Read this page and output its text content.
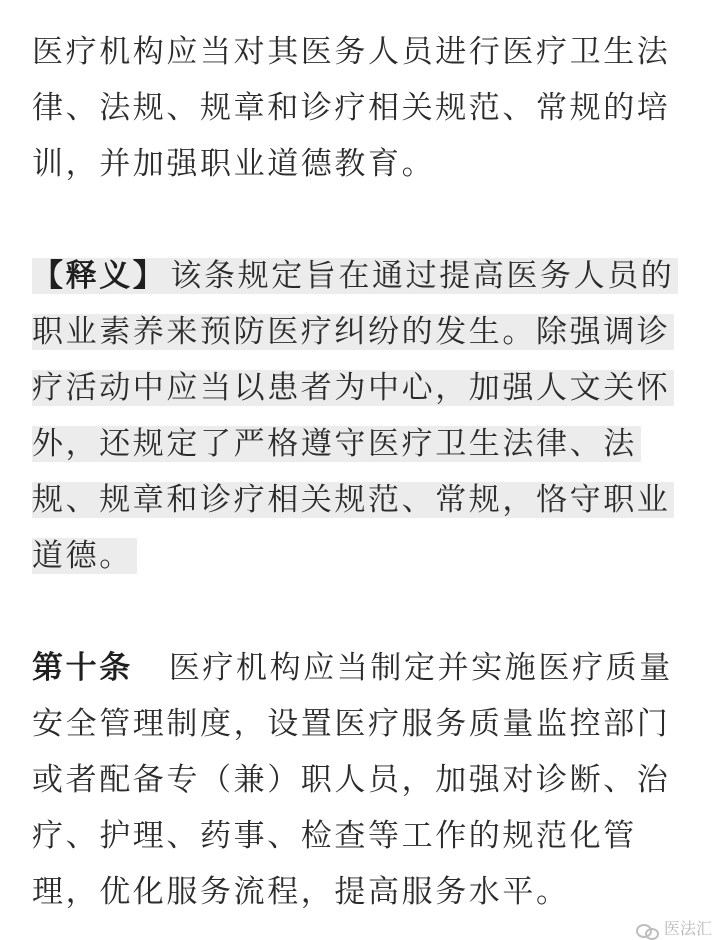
医疗机构应当对其医务人员进行医疗卫生法
律、法规、规章和诊疗相关规范、常规的培
训，并加强职业道德教育。
【释义】 该条规定旨在通过提高医务人员的
职业素养来预防医疗纠纷的发生。除强调诊
疗活动中应当以患者为中心，加强人文关怀
外，还规定了严格遵守医疗卫生法律、法
规、规章和诊疗相关规范、常规，恪守职业
道德。
第十条 医疗机构应当制定并实施医疗质量
安全管理制度，设置医疗服务质量监控部门
或者配备专（兼）职人员，加强对诊断、治
疗、护理、药事、检查等工作的规范化管
理，优化服务流程，提高服务水平。
医法汇
